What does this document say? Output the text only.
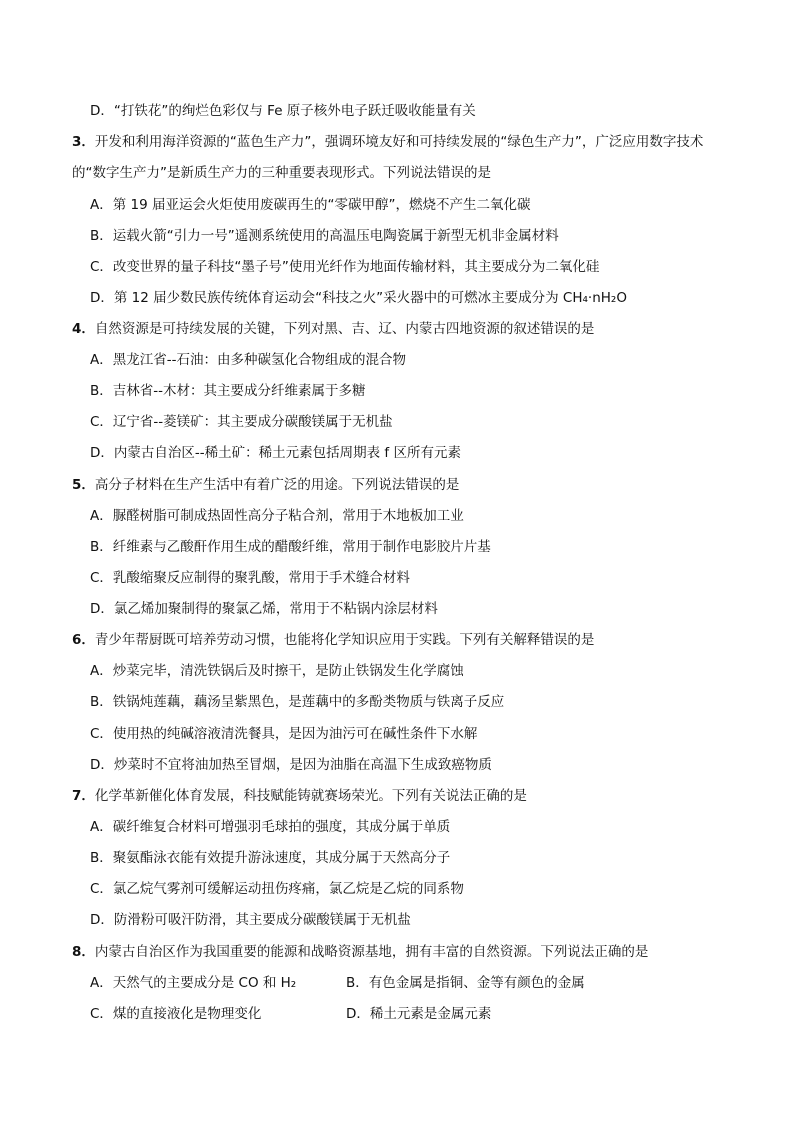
D．“打铁花”的绚烂色彩仅与 Fe 原子核外电子跃迁吸收能量有关
3．开发和利用海洋资源的“蓝色生产力”，强调环境友好和可持续发展的“绿色生产力”，广泛应用数字技术
的“数字生产力”是新质生产力的三种重要表现形式。下列说法错误的是
A．第 19 届亚运会火炬使用废碳再生的“零碳甲醇”，燃烧不产生二氧化碳
B．运载火箭“引力一号”遥测系统使用的高温压电陶瓷属于新型无机非金属材料
C．改变世界的量子科技“墨子号”使用光纤作为地面传输材料，其主要成分为二氧化硅
D．第 12 届少数民族传统体育运动会“科技之火”采火器中的可燃冰主要成分为 CH₄·nH₂O
4．自然资源是可持续发展的关键，下列对黑、吉、辽、内蒙古四地资源的叙述错误的是
A．黑龙江省--石油：由多种碳氢化合物组成的混合物
B．吉林省--木材：其主要成分纤维素属于多糖
C．辽宁省--菱镁矿：其主要成分碳酸镁属于无机盐
D．内蒙古自治区--稀土矿：稀土元素包括周期表 f 区所有元素
5．高分子材料在生产生活中有着广泛的用途。下列说法错误的是
A．脲醛树脂可制成热固性高分子粘合剂，常用于木地板加工业
B．纤维素与乙酸酐作用生成的醋酸纤维，常用于制作电影胶片片基
C．乳酸缩聚反应制得的聚乳酸，常用于手术缝合材料
D．氯乙烯加聚制得的聚氯乙烯，常用于不粘锅内涂层材料
6．青少年帮厨既可培养劳动习惯，也能将化学知识应用于实践。下列有关解释错误的是
A．炒菜完毕，清洗铁锅后及时擦干，是防止铁锅发生化学腐蚀
B．铁锅炖莲藕，藕汤呈紫黑色，是莲藕中的多酚类物质与铁离子反应
C．使用热的纯碱溶液清洗餐具，是因为油污可在碱性条件下水解
D．炒菜时不宜将油加热至冒烟，是因为油脂在高温下生成致癌物质
7．化学革新催化体育发展，科技赋能铸就赛场荣光。下列有关说法正确的是
A．碳纤维复合材料可增强羽毛球拍的强度，其成分属于单质
B．聚氨酯泳衣能有效提升游泳速度，其成分属于天然高分子
C．氯乙烷气雾剂可缓解运动扭伤疼痛，氯乙烷是乙烷的同系物
D．防滑粉可吸汗防滑，其主要成分碳酸镁属于无机盐
8．内蒙古自治区作为我国重要的能源和战略资源基地，拥有丰富的自然资源。下列说法正确的是
A．天然气的主要成分是 CO 和 H₂	B．有色金属是指铜、金等有颜色的金属
C．煤的直接液化是物理变化	D．稀土元素是金属元素
